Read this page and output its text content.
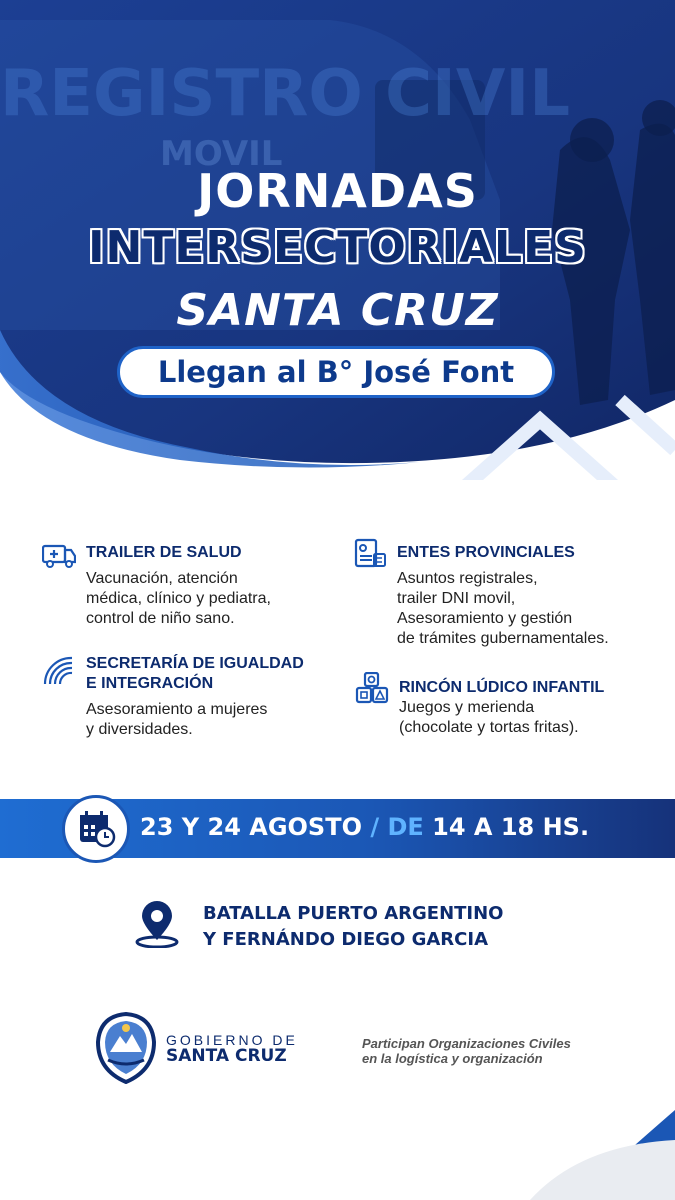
REGISTRO CIVIL
MOVIL
JORNADAS
INTERSECTORIALES
SANTA CRUZ
Llegan al B° José Font
TRAILER DE SALUD
Vacunación, atención
médica, clínico y pediatra,
control de niño sano.
ENTES PROVINCIALES
Asuntos registrales,
trailer DNI movil,
Asesoramiento y gestión
de trámites gubernamentales.
SECRETARÍA DE IGUALDAD
E INTEGRACIÓN
Asesoramiento a mujeres
y diversidades.
RINCÓN LÚDICO INFANTIL
Juegos y merienda
(chocolate y tortas fritas).
23 Y 24 AGOSTO / DE 14 A 18 HS.
BATALLA PUERTO ARGENTINO
Y FERNÁNDO DIEGO GARCIA
GOBIERNO DE
SANTA CRUZ
Participan Organizaciones Civiles
en la logística y organización
